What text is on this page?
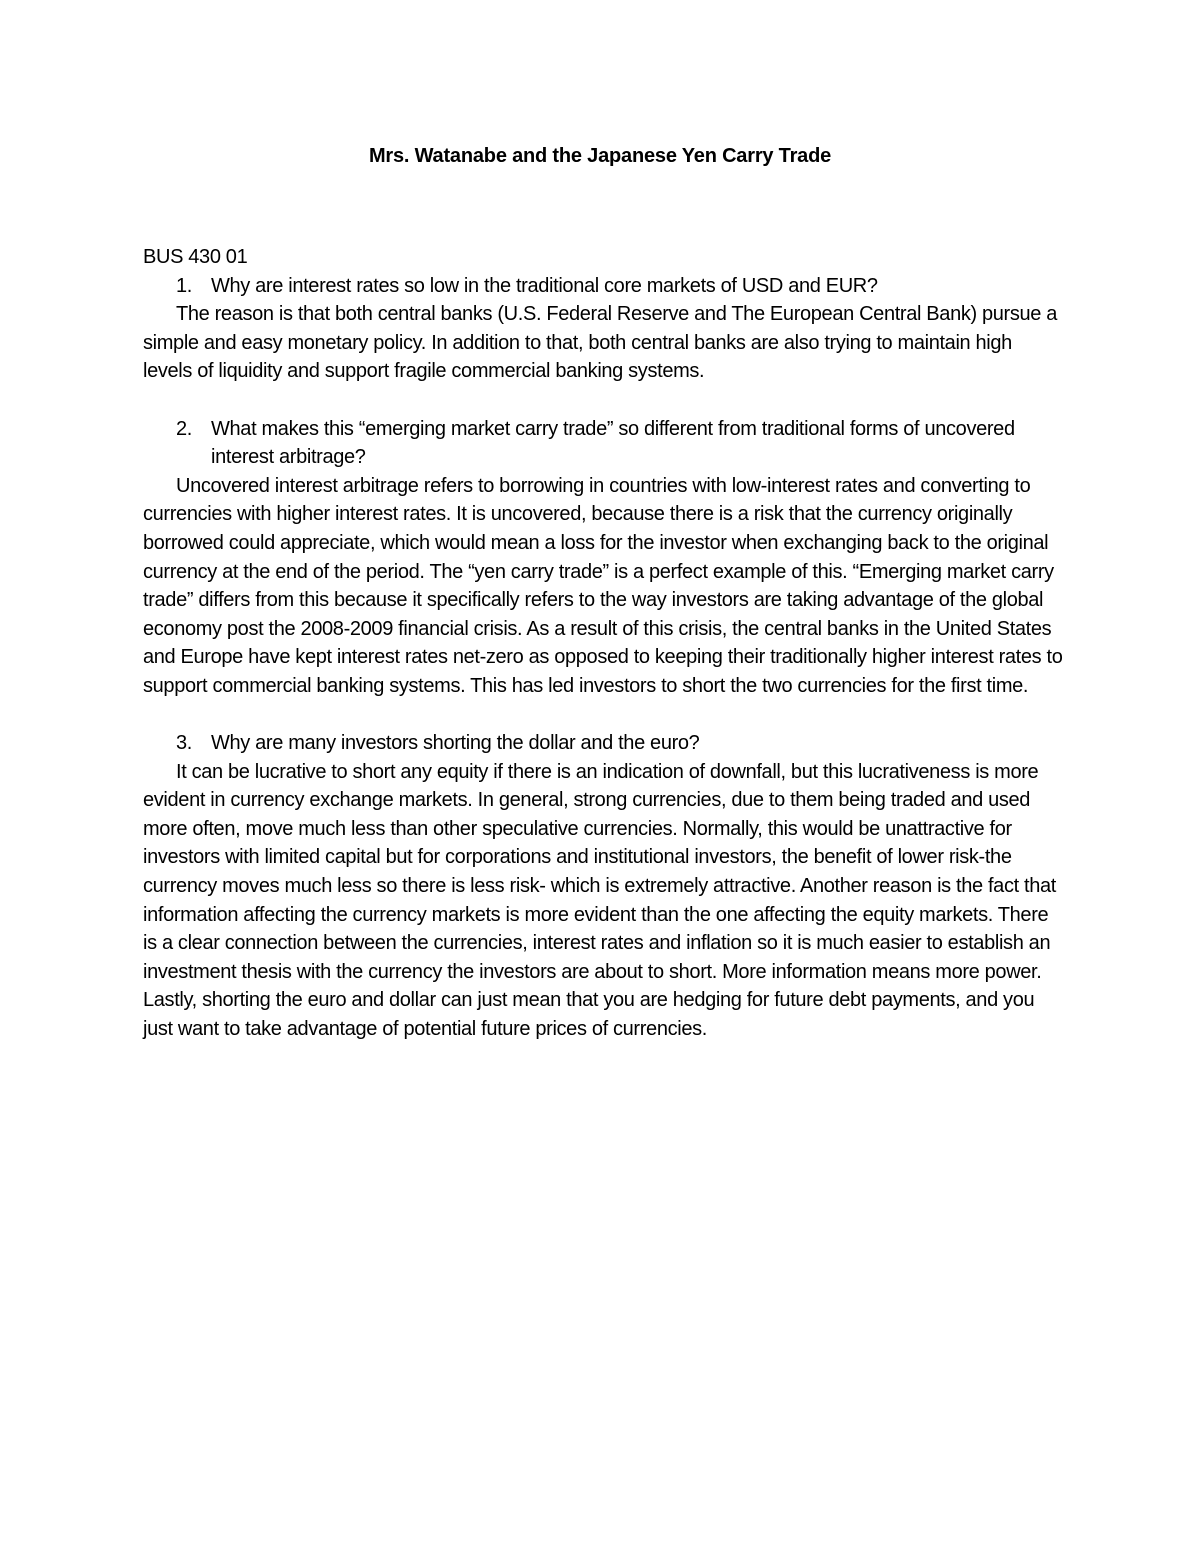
Mrs. Watanabe and the Japanese Yen Carry Trade

BUS 430 01

1. Why are interest rates so low in the traditional core markets of USD and EUR?

The reason is that both central banks (U.S. Federal Reserve and The European Central Bank) pursue a simple and easy monetary policy. In addition to that, both central banks are also trying to maintain high levels of liquidity and support fragile commercial banking systems.

2. What makes this “emerging market carry trade” so different from traditional forms of uncovered interest arbitrage?

Uncovered interest arbitrage refers to borrowing in countries with low-interest rates and converting to currencies with higher interest rates. It is uncovered, because there is a risk that the currency originally borrowed could appreciate, which would mean a loss for the investor when exchanging back to the original currency at the end of the period. The “yen carry trade” is a perfect example of this. “Emerging market carry trade” differs from this because it specifically refers to the way investors are taking advantage of the global economy post the 2008-2009 financial crisis. As a result of this crisis, the central banks in the United States and Europe have kept interest rates net-zero as opposed to keeping their traditionally higher interest rates to support commercial banking systems. This has led investors to short the two currencies for the first time.

3. Why are many investors shorting the dollar and the euro?

It can be lucrative to short any equity if there is an indication of downfall, but this lucrativeness is more evident in currency exchange markets. In general, strong currencies, due to them being traded and used more often, move much less than other speculative currencies. Normally, this would be unattractive for investors with limited capital but for corporations and institutional investors, the benefit of lower risk-the currency moves much less so there is less risk- which is extremely attractive. Another reason is the fact that information affecting the currency markets is more evident than the one affecting the equity markets. There is a clear connection between the currencies, interest rates and inflation so it is much easier to establish an investment thesis with the currency the investors are about to short. More information means more power. Lastly, shorting the euro and dollar can just mean that you are hedging for future debt payments, and you just want to take advantage of potential future prices of currencies.
